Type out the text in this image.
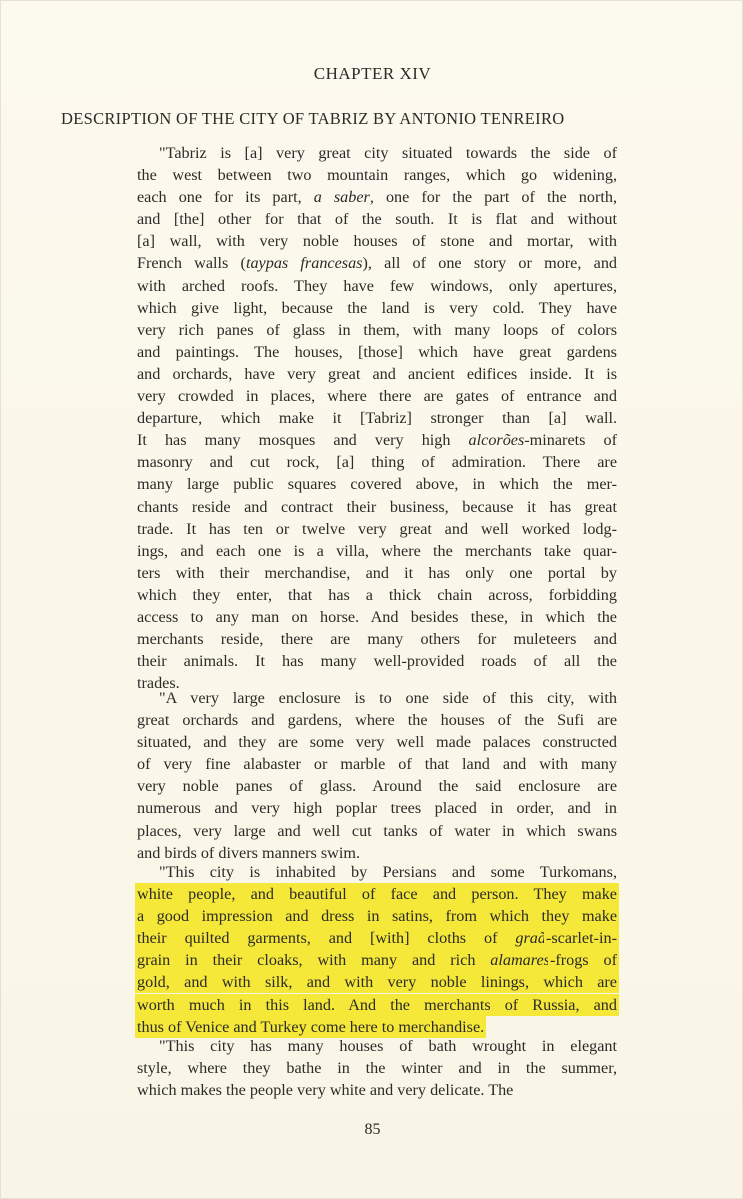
CHAPTER XIV
DESCRIPTION OF THE CITY OF TABRIZ BY ANTONIO TENREIRO
"Tabriz is [a] very great city situated towards the side of
the west between two mountain ranges, which go widening,
each one for its part, a saber, one for the part of the north,
and [the] other for that of the south. It is flat and without
[a] wall, with very noble houses of stone and mortar, with
French walls (taypas francesas), all of one story or more, and
with arched roofs. They have few windows, only apertures,
which give light, because the land is very cold. They have
very rich panes of glass in them, with many loops of colors
and paintings. The houses, [those] which have great gardens
and orchards, have very great and ancient edifices inside. It is
very crowded in places, where there are gates of entrance and
departure, which make it [Tabriz] stronger than [a] wall.
It has many mosques and very high alcorões-minarets of
masonry and cut rock, [a] thing of admiration. There are
many large public squares covered above, in which the mer-
chants reside and contract their business, because it has great
trade. It has ten or twelve very great and well worked lodg-
ings, and each one is a villa, where the merchants take quar-
ters with their merchandise, and it has only one portal by
which they enter, that has a thick chain across, forbidding
access to any man on horse. And besides these, in which the
merchants reside, there are many others for muleteers and
their animals. It has many well-provided roads of all the
trades.
"A very large enclosure is to one side of this city, with
great orchards and gardens, where the houses of the Sufi are
situated, and they are some very well made palaces constructed
of very fine alabaster or marble of that land and with many
very noble panes of glass. Around the said enclosure are
numerous and very high poplar trees placed in order, and in
places, very large and well cut tanks of water in which swans
and birds of divers manners swim.
"This city is inhabited by Persians and some Turkomans,
white people, and beautiful of face and person. They make
a good impression and dress in satins, from which they make
their quilted garments, and [with] cloths of graã-scarlet-in-
grain in their cloaks, with many and rich alamares-frogs of
gold, and with silk, and with very noble linings, which are
worth much in this land. And the merchants of Russia, and
thus of Venice and Turkey come here to merchandise.
"This city has many houses of bath wrought in elegant
style, where they bathe in the winter and in the summer,
which makes the people very white and very delicate. The
85
